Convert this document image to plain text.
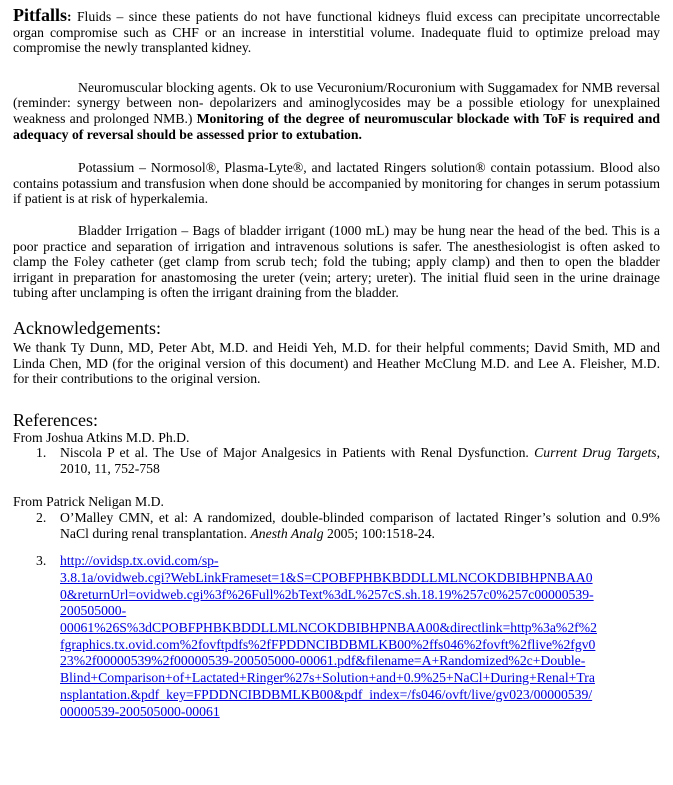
Pitfalls: Fluids – since these patients do not have functional kidneys fluid excess can precipitate uncorrectable organ compromise such as CHF or an increase in interstitial volume. Inadequate fluid to optimize preload may compromise the newly transplanted kidney.

Neuromuscular blocking agents. Ok to use Vecuronium/Rocuronium with Suggamadex for NMB reversal (reminder: synergy between non- depolarizers and aminoglycosides may be a possible etiology for unexplained weakness and prolonged NMB.) Monitoring of the degree of neuromuscular blockade with ToF is required and adequacy of reversal should be assessed prior to extubation.

Potassium – Normosol®, Plasma-Lyte®, and lactated Ringers solution® contain potassium. Blood also contains potassium and transfusion when done should be accompanied by monitoring for changes in serum potassium if patient is at risk of hyperkalemia.

Bladder Irrigation – Bags of bladder irrigant (1000 mL) may be hung near the head of the bed. This is a poor practice and separation of irrigation and intravenous solutions is safer. The anesthesiologist is often asked to clamp the Foley catheter (get clamp from scrub tech; fold the tubing; apply clamp) and then to open the bladder irrigant in preparation for anastomosing the ureter (vein; artery; ureter). The initial fluid seen in the urine drainage tubing after unclamping is often the irrigant draining from the bladder.

Acknowledgements:

We thank Ty Dunn, MD, Peter Abt, M.D. and Heidi Yeh, M.D. for their helpful comments; David Smith, MD and Linda Chen, MD (for the original version of this document) and Heather McClung M.D. and Lee A. Fleisher, M.D. for their contributions to the original version.

References:

From Joshua Atkins M.D. Ph.D.

1.	Niscola P et al. The Use of Major Analgesics in Patients with Renal Dysfunction. Current Drug Targets, 2010, 11, 752-758

From Patrick Neligan M.D.

2.	O’Malley CMN, et al: A randomized, double-blinded comparison of lactated Ringer’s solution and 0.9% NaCl during renal transplantation. Anesth Analg 2005; 100:1518-24.
3.	http://ovidsp.tx.ovid.com/sp-
3.8.1a/ovidweb.cgi?WebLinkFrameset=1&S=CPOBFPHBKBDDLLMLNCOKDBIBHPNBAA0
0&returnUrl=ovidweb.cgi%3f%26Full%2bText%3dL%257cS.sh.18.19%257c0%257c00000539-
200505000-
00061%26S%3dCPOBFPHBKBDDLLMLNCOKDBIBHPNBAA00&directlink=http%3a%2f%2
fgraphics.tx.ovid.com%2fovftpdfs%2fFPDDNCIBDBMLKB00%2ffs046%2fovft%2flive%2fgv0
23%2f00000539%2f00000539-200505000-00061.pdf&filename=A+Randomized%2c+Double-
Blind+Comparison+of+Lactated+Ringer%27s+Solution+and+0.9%25+NaCl+During+Renal+Tra
nsplantation.&pdf_key=FPDDNCIBDBMLKB00&pdf_index=/fs046/ovft/live/gv023/00000539/
00000539-200505000-00061
